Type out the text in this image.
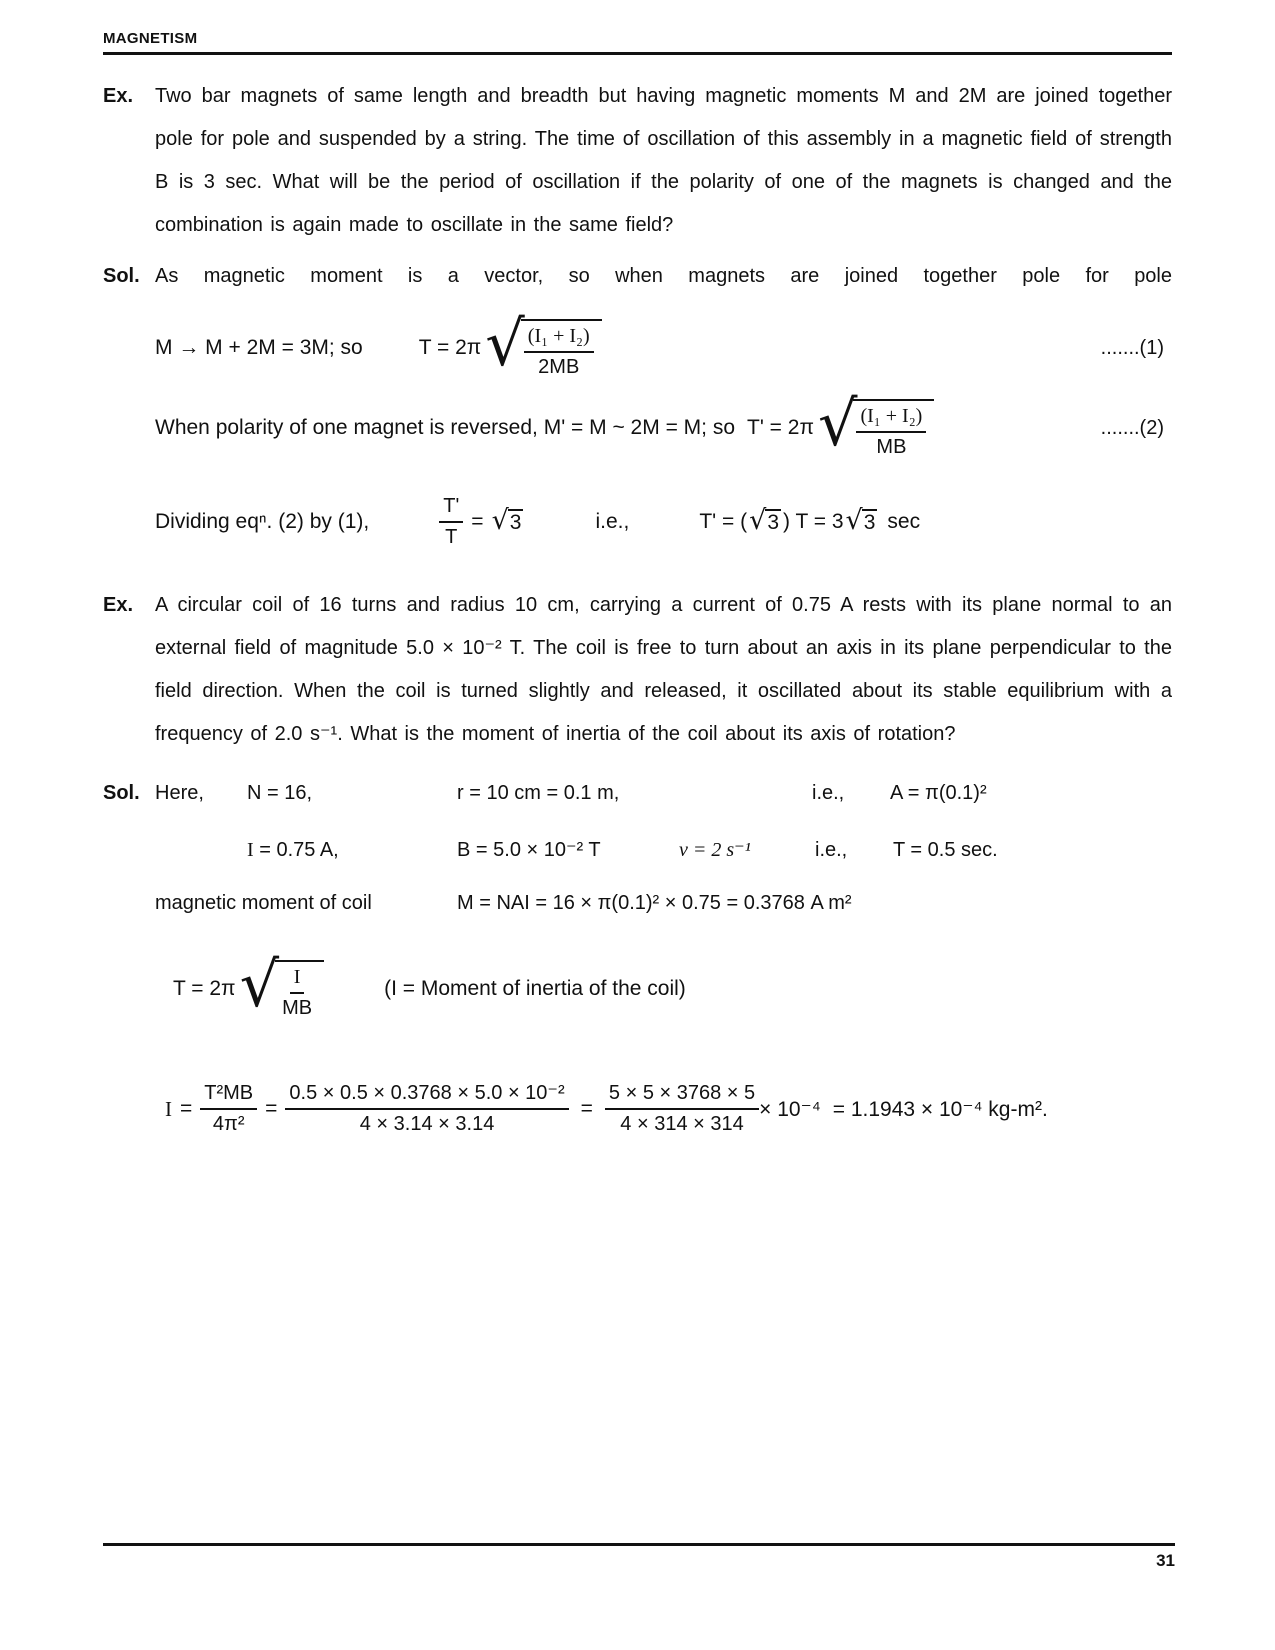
MAGNETISM
Ex.	Two bar magnets of same length and breadth but having magnetic moments M and 2M are joined together pole for pole and suspended by a string. The time of oscillation of this assembly in a magnetic field of strength B is 3 sec. What will be the period of oscillation if the polarity of one of the magnets is changed and the combination is again made to oscillate in the same field?
Sol. As magnetic moment is a vector, so when magnets are joined together pole for pole
M → M + 2M = 3M; so	T = 2π √ $\frac{\text{(I₁ + I₂)}}{2MB}$	.......(1)
When polarity of one magnet is reversed, M' = M ~ 2M = M; so T' = 2π √ $\frac{\text{(I₁ + I₂)}}{MB}$	.......(2)
Dividing eqⁿ. (2) by (1),	$\frac{T'}{T}$ = √ 3	i.e.,	T' = ( √ 3 ) T = 3 √ 3 sec
Ex.	A circular coil of 16 turns and radius 10 cm, carrying a current of 0.75 A rests with its plane normal to an external field of magnitude 5.0 × 10⁻² T. The coil is free to turn about an axis in its plane perpendicular to the field direction. When the coil is turned slightly and released, it oscillated about its stable equilibrium with a frequency of 2.0 s⁻¹. What is the moment of inertia of the coil about its axis of rotation?
Sol. Here,	N = 16,	r = 10 cm = 0.1 m,	i.e.,	A = π(0.1)²
I = 0.75 A,	B = 5.0 × 10⁻² T	ν = 2 s⁻¹	i.e.,	T = 0.5 sec.
magnetic moment of coil	M = NAI = 16 × π(0.1)² × 0.75 = 0.3768 A m²
T = 2π √ $\frac{I}{MB}$	(I = Moment of inertia of the coil)
$I = \frac{\text{T²MB}}{\text{4π²}} = \frac{\text{0.5 × 0.5 × 0.3768 × 5.0 × 10⁻²}}{4 \times 3.14 \times 3.14} = \frac{5 \times 5 \times 3768 \times 5}{4 \times 314 \times 314} \times 10^{-4} = 1.1943 \times 10^{-4}$ kg-m².
31
